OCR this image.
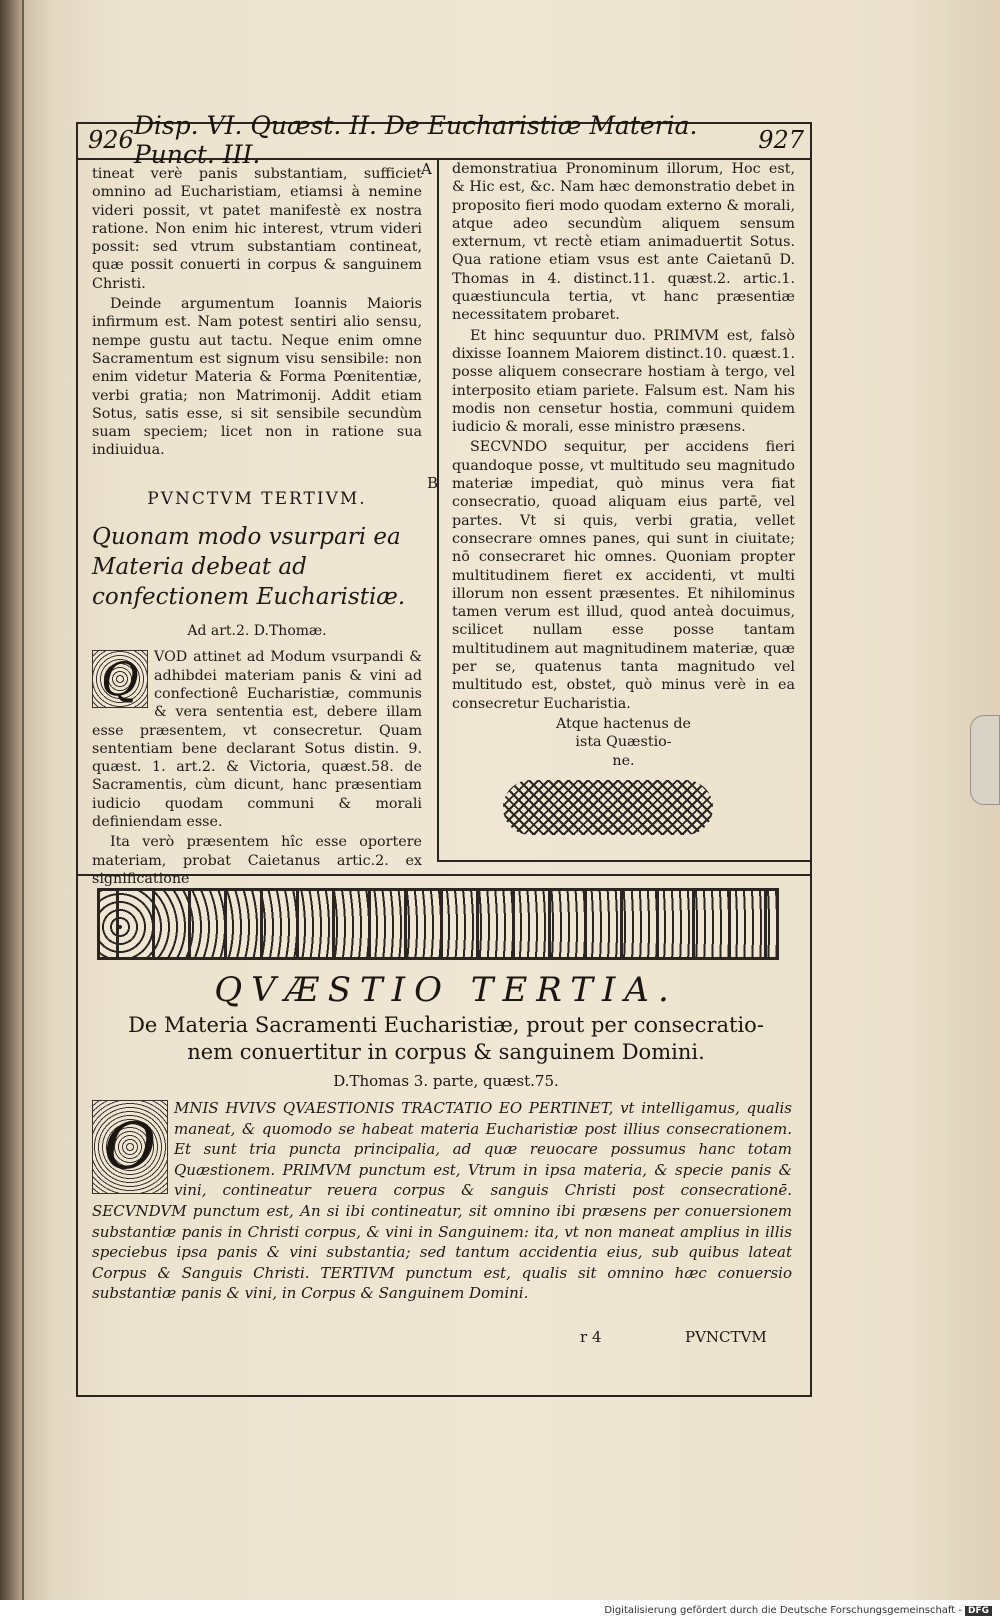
926 Disp. VI. Quæst. II. De Eucharistiæ Materia. Punct. III.	927
A
B

tineat verè panis substantiam, sufficiet omnino ad Eucharistiam, etiamsi à nemine videri possit, vt patet manifestè ex nostra ratione. Non enim hic interest, vtrum videri possit: sed vtrum substantiam contineat, quæ possit conuerti in corpus & sanguinem Christi.

Deinde argumentum Ioannis Maioris infirmum est. Nam potest sentiri alio sensu, nempe gustu aut tactu. Neque enim omne Sacramentum est signum visu sensibile: non enim videtur Materia & Forma Pœnitentiæ, verbi gratia; non Matrimonij. Addit etiam Sotus, satis esse, si sit sensibile secundùm suam speciem; licet non in ratione sua indiuidua.

PVNCTVM TERTIVM.
Quonam modo vsurpari ea Materia debeat ad confectionem Eucharistiæ.
Ad art.2. D.Thomæ.
Q	VOD attinet ad Modum vsurpandi & adhibdei materiam panis & vini ad confectionê Eucharistiæ, communis & vera sententia est, debere illam esse præsentem, vt consecretur. Quam sententiam bene declarant Sotus distin. 9. quæst. 1. art.2. & Victoria, quæst.58. de Sacramentis, cùm dicunt, hanc præsentiam iudicio quodam communi & morali definiendam esse.

Ita verò præsentem hîc esse oportere materiam, probat Caietanus artic.2. ex significatione

demonstratiua Pronominum illorum, Hoc est, & Hic est, &c. Nam hæc demonstratio debet in proposito fieri modo quodam externo & morali, atque adeo secundùm aliquem sensum externum, vt rectè etiam animaduertit Sotus. Qua ratione etiam vsus est ante Caietanū D. Thomas in 4. distinct.11. quæst.2. artic.1. quæstiuncula tertia, vt hanc præsentiæ necessitatem probaret.

Et hinc sequuntur duo. PRIMVM est, falsò dixisse Ioannem Maiorem distinct.10. quæst.1. posse aliquem consecrare hostiam à tergo, vel interposito etiam pariete. Falsum est. Nam his modis non censetur hostia, communi quidem iudicio & morali, esse ministro præsens.

SECVNDO sequitur, per accidens fieri quandoque posse, vt multitudo seu magnitudo materiæ impediat, quò minus vera fiat consecratio, quoad aliquam eius partē, vel partes. Vt si quis, verbi gratia, vellet consecrare omnes panes, qui sunt in ciuitate; nō consecraret hic omnes. Quoniam propter multitudinem fieret ex accidenti, vt multi illorum non essent præsentes. Et nihilominus tamen verum est illud, quod anteà docuimus, scilicet nullam esse posse tantam multitudinem aut magnitudinem materiæ, quæ per se, quatenus tanta magnitudo vel multitudo est, obstet, quò minus verè in ea consecretur Eucharistia.

Atque hactenus de
ista Quæstio-
ne.
QVÆSTIO TERTIA.
De Materia Sacramenti Eucharistiæ, prout per consecratio-
nem conuertitur in corpus & sanguinem Domini.
D.Thomas 3. parte, quæst.75.
O
MNIS HVIVS QVAESTIONIS TRACTATIO EO PERTINET, vt intelligamus, qualis maneat, & quomodo se habeat materia Eucharistiæ post illius consecrationem. Et sunt tria puncta principalia, ad quæ reuocare possumus hanc totam Quæstionem. PRIMVM punctum est, Vtrum in ipsa materia, & specie panis & vini, contineatur reuera corpus & sanguis Christi post consecrationē. SECVNDVM punctum est, An si ibi contineatur, sit omnino ibi præsens per conuersionem substantiæ panis in Christi corpus, & vini in Sanguinem: ita, vt non maneat amplius in illis speciebus ipsa panis & vini substantia; sed tantum accidentia eius, sub quibus lateat Corpus & Sanguis Christi. TERTIVM punctum est, qualis sit omnino hæc conuersio substantiæ panis & vini, in Corpus & Sanguinem Domini.
r 4	PVNCTVM
Digitalisierung gefördert durch die Deutsche Forschungsgemeinschaft - DFG
